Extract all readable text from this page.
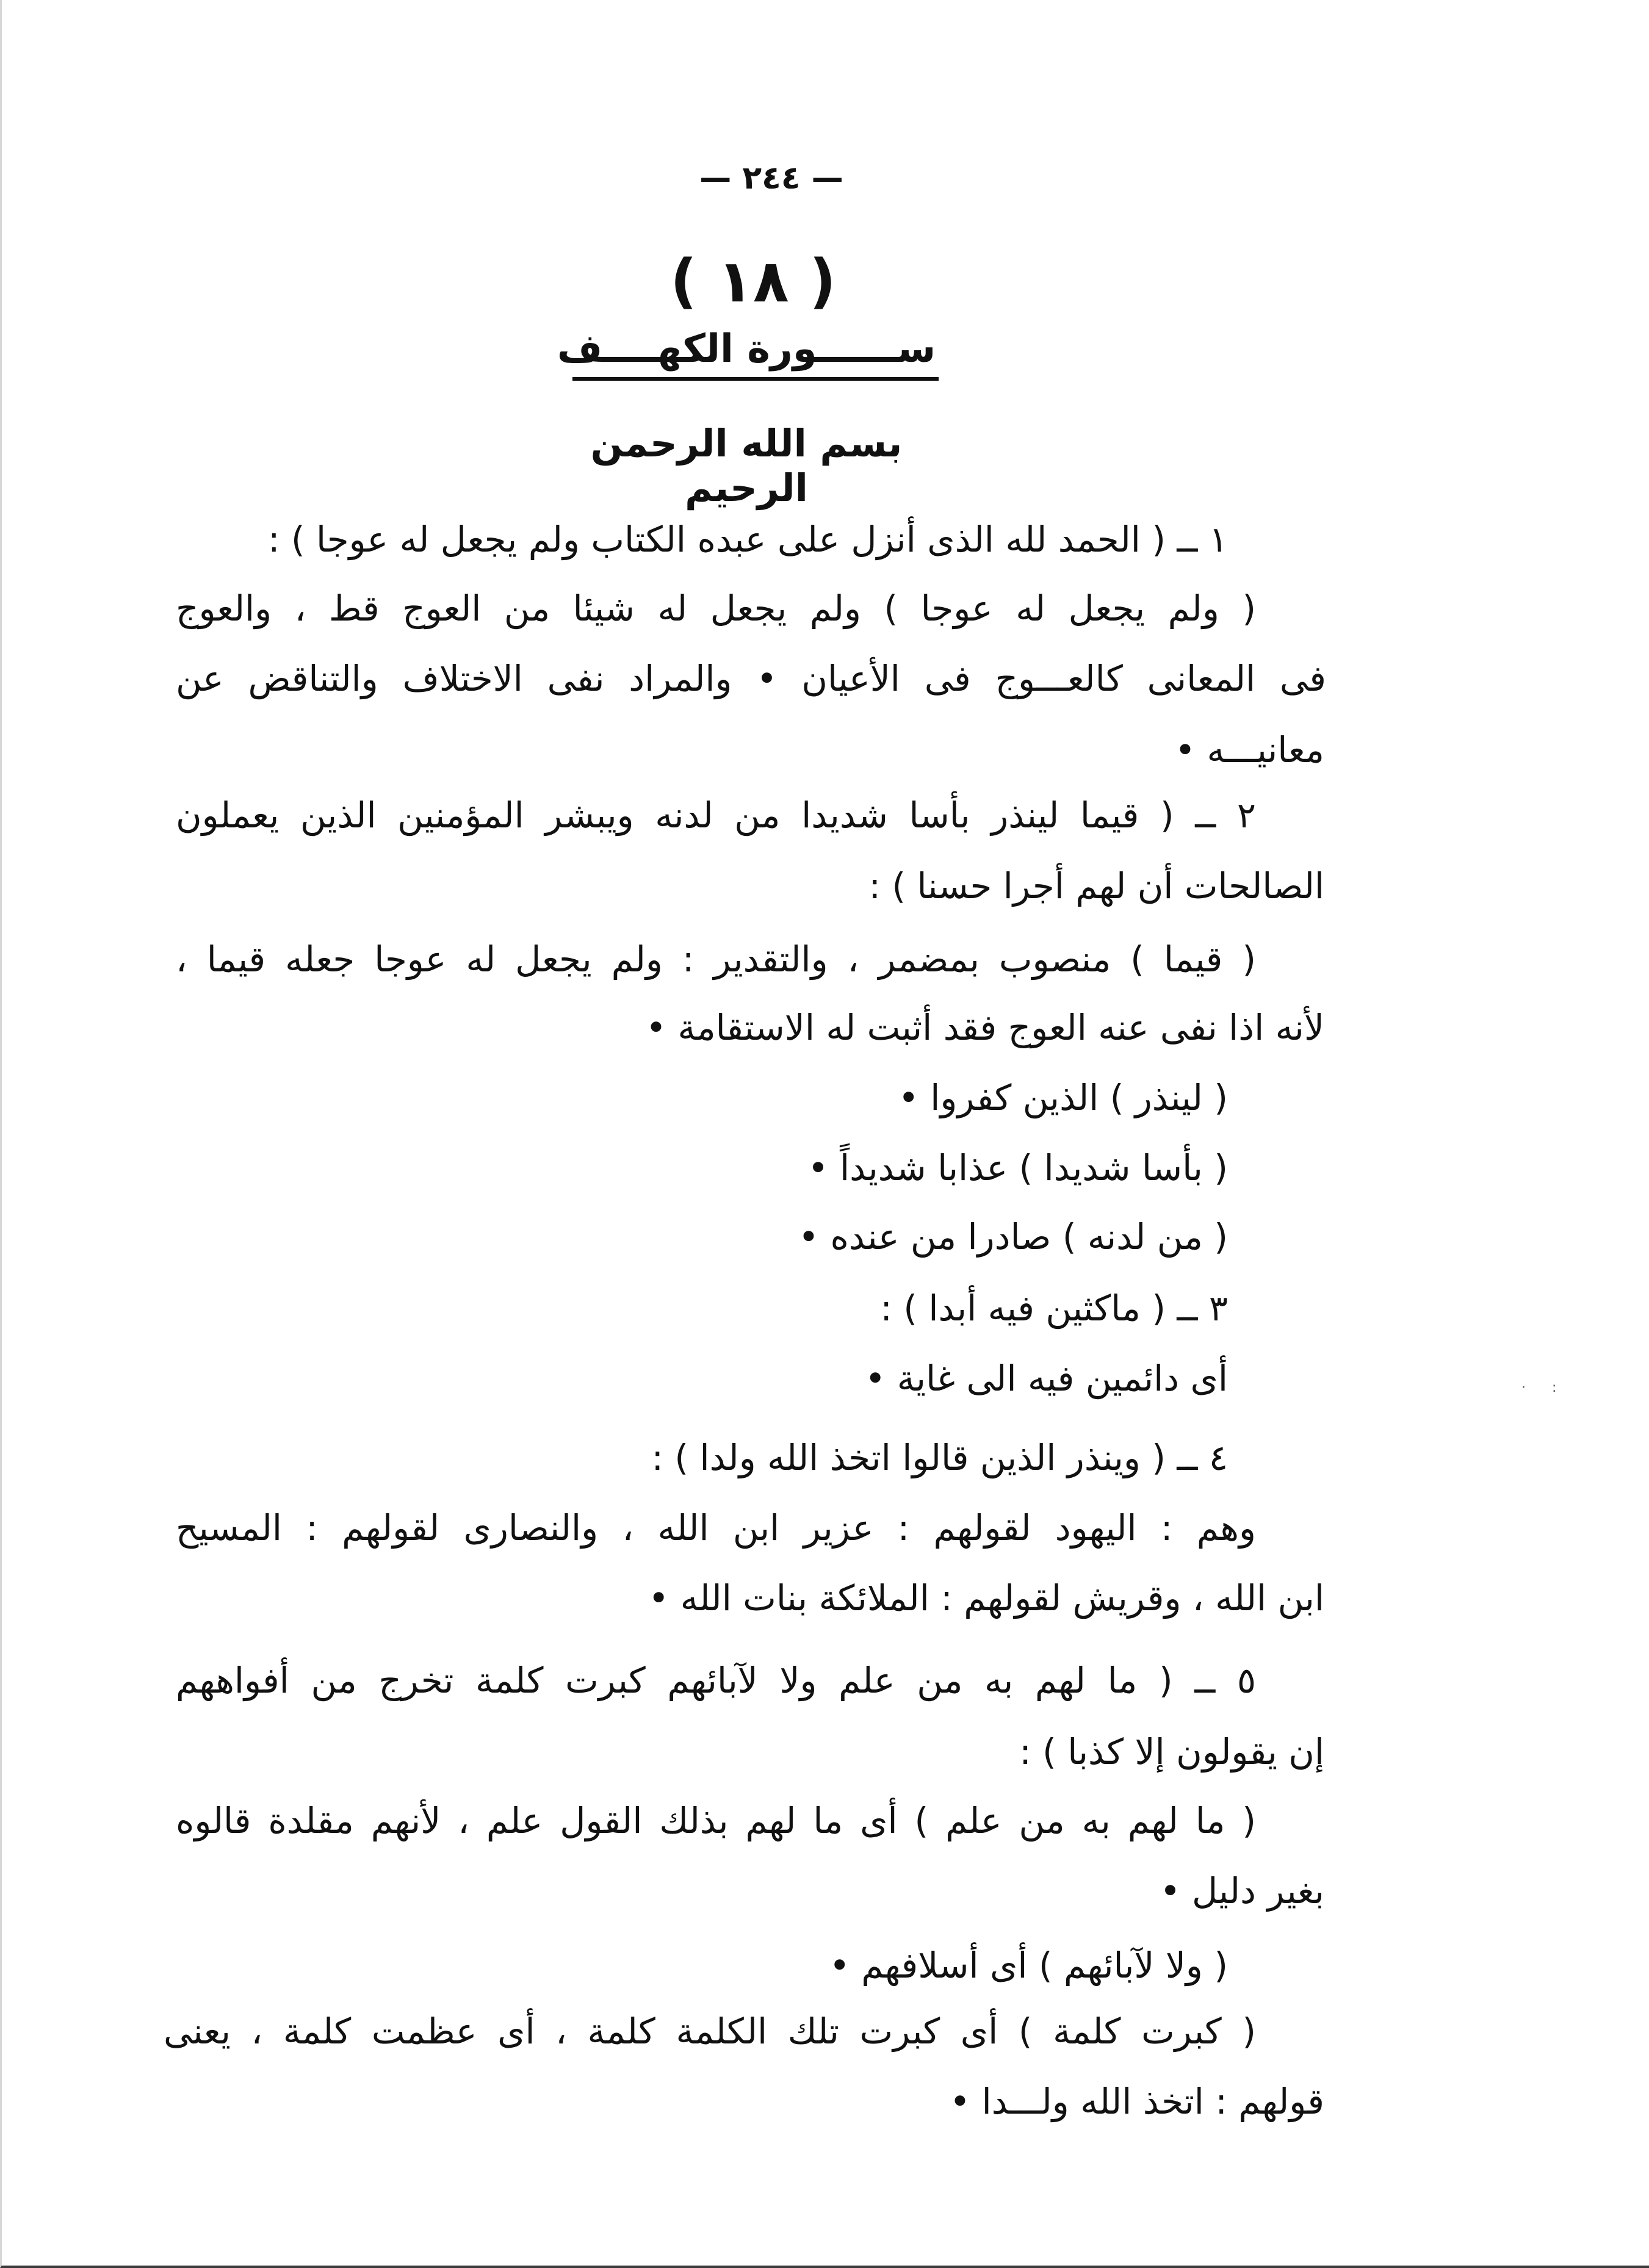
— ٢٤٤ —
( ١٨ )
ســــــورة الكهــــف
بسم الله الرحمن الرحيم
١ ــ ( الحمد لله الذى أنزل على عبده الكتاب ولم يجعل له عوجا ) :
( ولم يجعل له عوجا ) ولم يجعل له شيئا من العوج قط ، والعوج
فى المعانى كالعـــوج فى الأعيان • والمراد نفى الاختلاف والتناقض عن
معانيـــه •
٢ ــ ( قيما لينذر بأسا شديدا من لدنه ويبشر المؤمنين الذين يعملون
الصالحات أن لهم أجرا حسنا ) :
( قيما ) منصوب بمضمر ، والتقدير : ولم يجعل له عوجا جعله قيما ،
لأنه اذا نفى عنه العوج فقد أثبت له الاستقامة •
( لينذر ) الذين كفروا •
( بأسا شديدا ) عذابا شديداً •
( من لدنه ) صادرا من عنده •
٣ ــ ( ماكثين فيه أبدا ) :
أى دائمين فيه الى غاية •
٤ ــ ( وينذر الذين قالوا اتخذ الله ولدا ) :
وهم : اليهود لقولهم : عزير ابن الله ، والنصارى لقولهم : المسيح
ابن الله ، وقريش لقولهم : الملائكة بنات الله •
٥ ــ ( ما لهم به من علم ولا لآبائهم كبرت كلمة تخرج من أفواههم
إن يقولون إلا كذبا ) :
( ما لهم به من علم ) أى ما لهم بذلك القول علم ، لأنهم مقلدة قالوه
بغير دليل •
( ولا لآبائهم ) أى أسلافهم •
( كبرت كلمة ) أى كبرت تلك الكلمة كلمة ، أى عظمت كلمة ، يعنى
قولهم : اتخذ الله ولـــدا •
· :
